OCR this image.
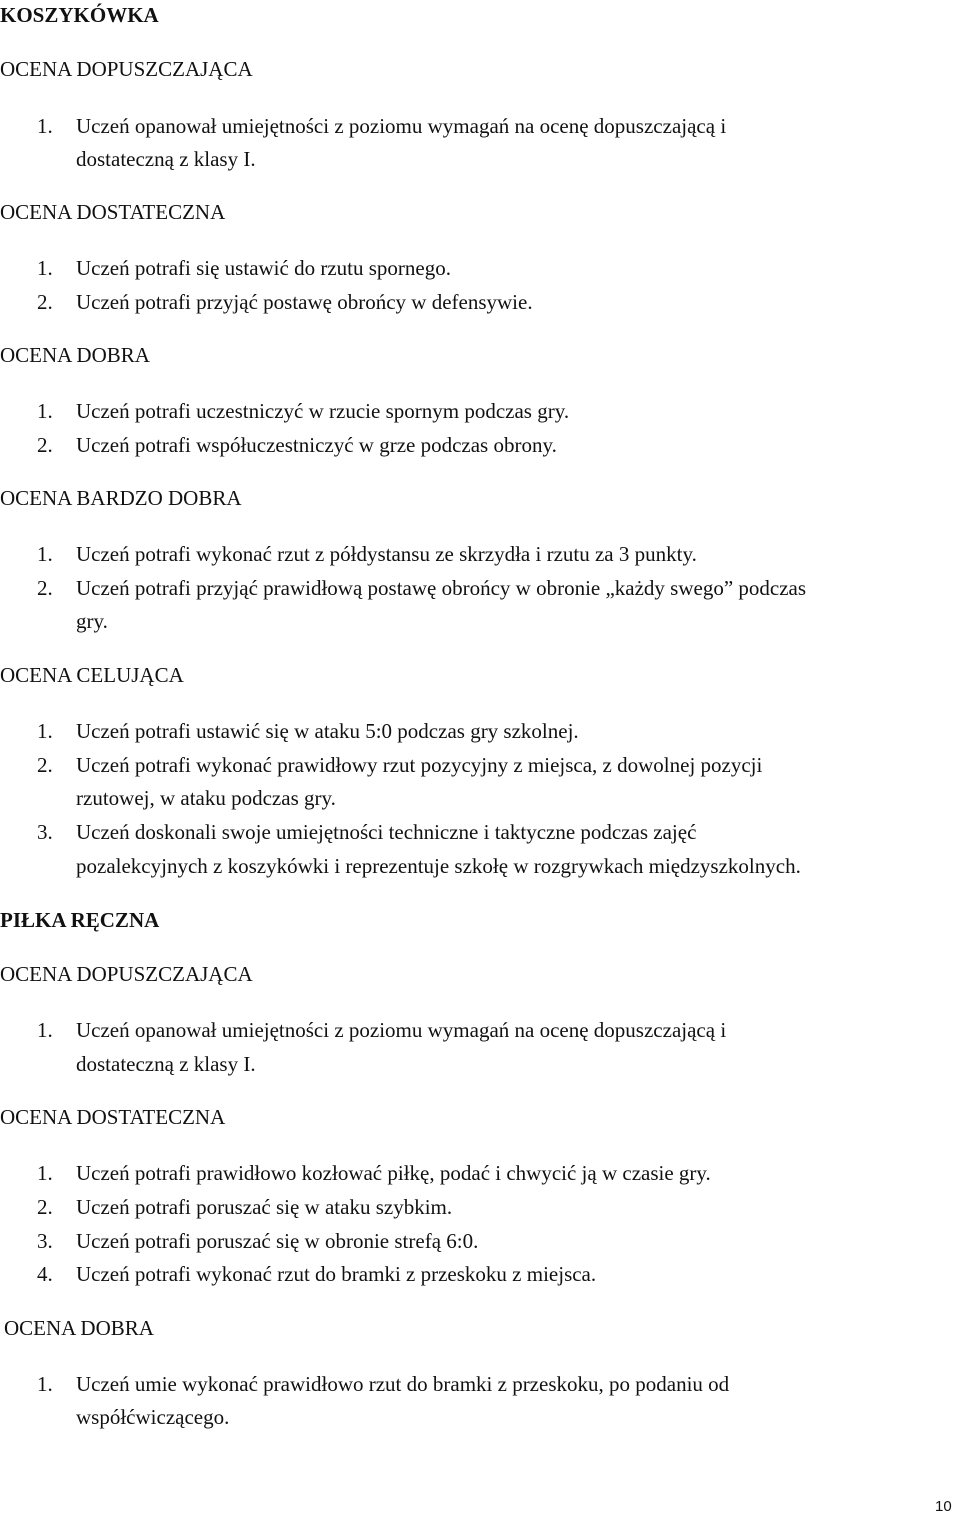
KOSZYKÓWKA
OCENA DOPUSZCZAJĄCA
1.	Uczeń opanował umiejętności z poziomu wymagań na ocenę dopuszczającą i
dostateczną z klasy I.
OCENA DOSTATECZNA
1.	Uczeń potrafi się ustawić do rzutu spornego.
2.	Uczeń potrafi przyjąć postawę obrońcy w defensywie.
OCENA DOBRA
1.	Uczeń potrafi uczestniczyć w rzucie spornym podczas gry.
2.	Uczeń potrafi współuczestniczyć w grze podczas obrony.
OCENA BARDZO DOBRA
1.	Uczeń potrafi wykonać rzut z półdystansu ze skrzydła i rzutu za 3 punkty.
2.	Uczeń potrafi przyjąć prawidłową postawę obrońcy w obronie „każdy swego” podczas
gry.
OCENA CELUJĄCA
1.	Uczeń potrafi ustawić się w ataku 5:0 podczas gry szkolnej.
2.	Uczeń potrafi wykonać prawidłowy rzut pozycyjny z miejsca, z dowolnej pozycji
rzutowej, w ataku podczas gry.
3.	Uczeń doskonali swoje umiejętności techniczne i taktyczne podczas zajęć
pozalekcyjnych z koszykówki i reprezentuje szkołę w rozgrywkach międzyszkolnych.
PIŁKA RĘCZNA
OCENA DOPUSZCZAJĄCA
1.	Uczeń opanował umiejętności z poziomu wymagań na ocenę dopuszczającą i
dostateczną z klasy I.
OCENA DOSTATECZNA
1.	Uczeń potrafi prawidłowo kozłować piłkę, podać i chwycić ją w czasie gry.
2.	Uczeń potrafi poruszać się w ataku szybkim.
3.	Uczeń potrafi poruszać się w obronie strefą 6:0.
4.	Uczeń potrafi wykonać rzut do bramki z przeskoku z miejsca.
OCENA DOBRA
1.	Uczeń umie wykonać prawidłowo rzut do bramki z przeskoku, po podaniu od
współćwiczącego.
10
